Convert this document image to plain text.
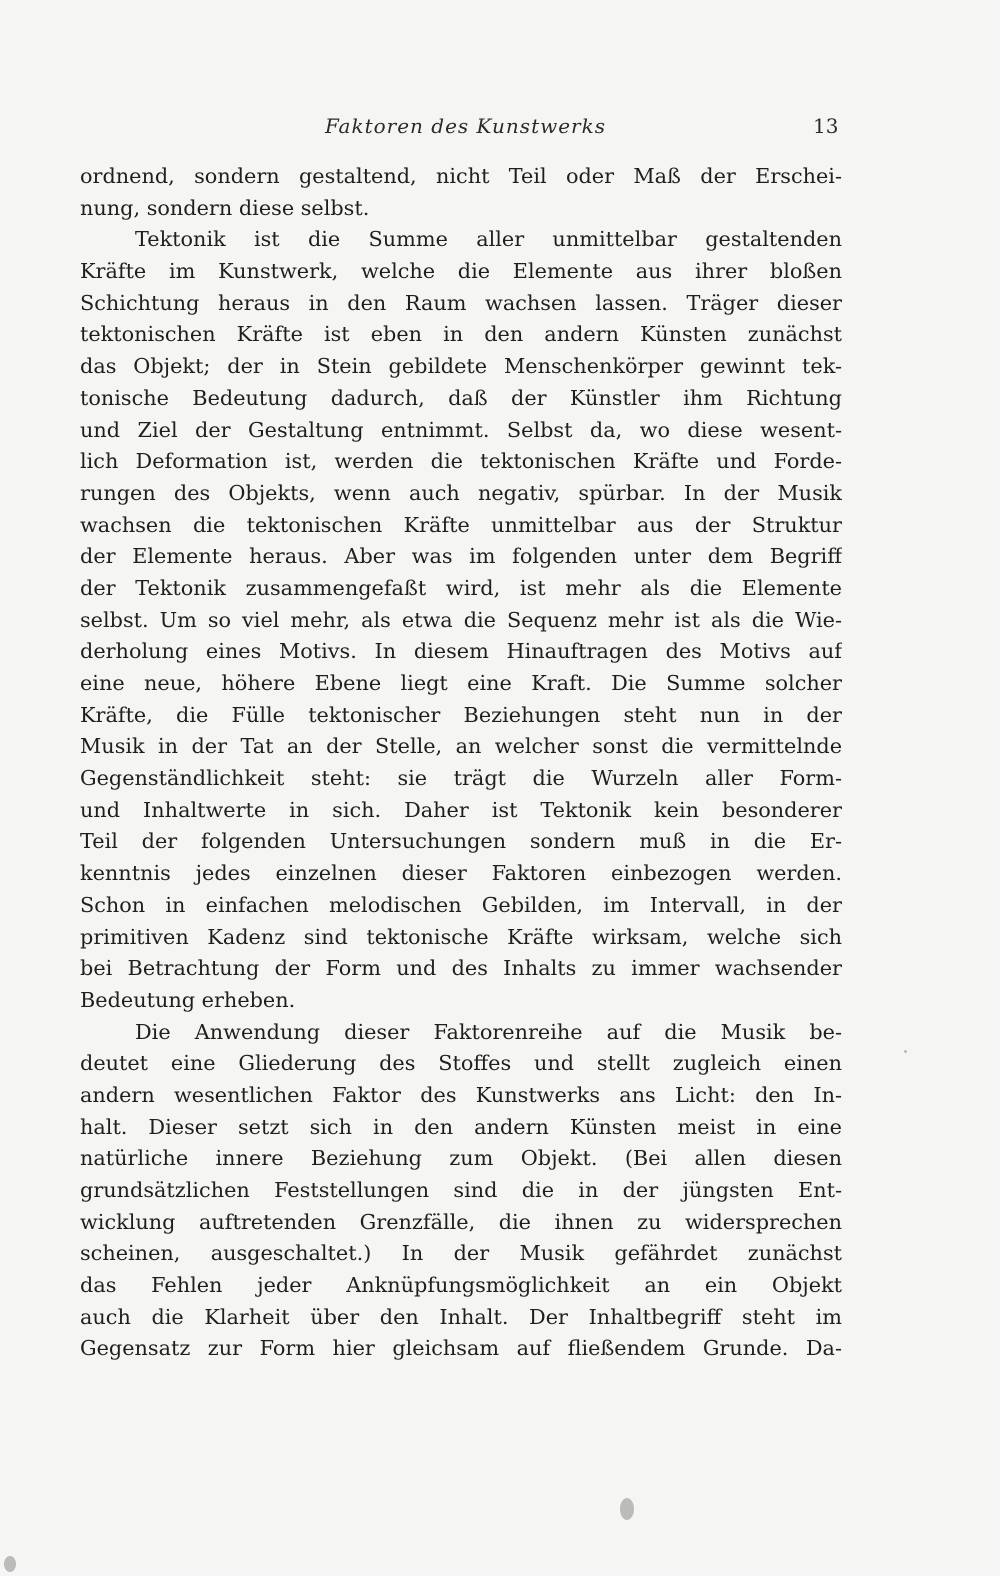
Faktoren des Kunstwerks	13
ordnend, sondern gestaltend, nicht Teil oder Maß der Erschei-
nung, sondern diese selbst.
Tektonik ist die Summe aller unmittelbar gestaltenden
Kräfte im Kunstwerk, welche die Elemente aus ihrer bloßen
Schichtung heraus in den Raum wachsen lassen. Träger dieser
tektonischen Kräfte ist eben in den andern Künsten zunächst
das Objekt; der in Stein gebildete Menschenkörper gewinnt tek-
tonische Bedeutung dadurch, daß der Künstler ihm Richtung
und Ziel der Gestaltung entnimmt. Selbst da, wo diese wesent-
lich Deformation ist, werden die tektonischen Kräfte und Forde-
rungen des Objekts, wenn auch negativ, spürbar. In der Musik
wachsen die tektonischen Kräfte unmittelbar aus der Struktur
der Elemente heraus. Aber was im folgenden unter dem Begriff
der Tektonik zusammengefaßt wird, ist mehr als die Elemente
selbst. Um so viel mehr, als etwa die Sequenz mehr ist als die Wie-
derholung eines Motivs. In diesem Hinauftragen des Motivs auf
eine neue, höhere Ebene liegt eine Kraft. Die Summe solcher
Kräfte, die Fülle tektonischer Beziehungen steht nun in der
Musik in der Tat an der Stelle, an welcher sonst die vermittelnde
Gegenständlichkeit steht: sie trägt die Wurzeln aller Form-
und Inhaltwerte in sich. Daher ist Tektonik kein besonderer
Teil der folgenden Untersuchungen sondern muß in die Er-
kenntnis jedes einzelnen dieser Faktoren einbezogen werden.
Schon in einfachen melodischen Gebilden, im Intervall, in der
primitiven Kadenz sind tektonische Kräfte wirksam, welche sich
bei Betrachtung der Form und des Inhalts zu immer wachsender
Bedeutung erheben.
Die Anwendung dieser Faktorenreihe auf die Musik be-
deutet eine Gliederung des Stoffes und stellt zugleich einen
andern wesentlichen Faktor des Kunstwerks ans Licht: den In-
halt. Dieser setzt sich in den andern Künsten meist in eine
natürliche innere Beziehung zum Objekt. (Bei allen diesen
grundsätzlichen Feststellungen sind die in der jüngsten Ent-
wicklung auftretenden Grenzfälle, die ihnen zu widersprechen
scheinen, ausgeschaltet.) In der Musik gefährdet zunächst
das Fehlen jeder Anknüpfungsmöglichkeit an ein Objekt
auch die Klarheit über den Inhalt. Der Inhaltbegriff steht im
Gegensatz zur Form hier gleichsam auf fließendem Grunde. Da-
